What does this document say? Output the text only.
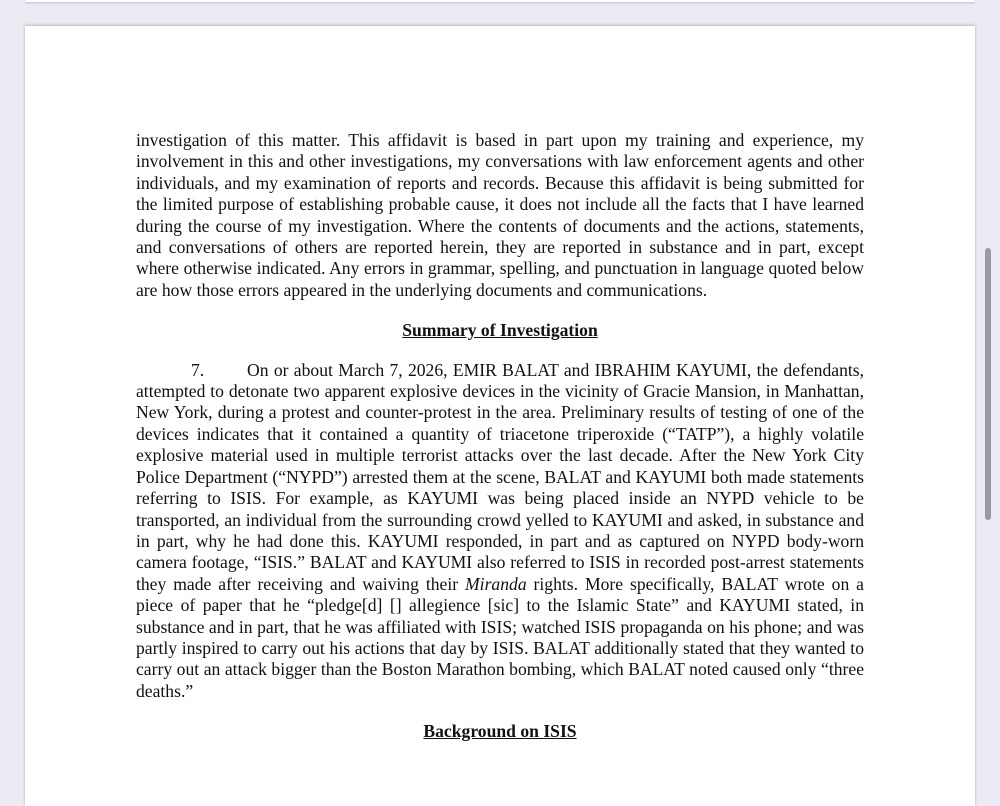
investigation of this matter. This affidavit is based in part upon my training and experience, my involvement in this and other investigations, my conversations with law enforcement agents and other individuals, and my examination of reports and records. Because this affidavit is being submitted for the limited purpose of establishing probable cause, it does not include all the facts that I have learned during the course of my investigation. Where the contents of documents and the actions, statements, and conversations of others are reported herein, they are reported in substance and in part, except where otherwise indicated. Any errors in grammar, spelling, and punctuation in language quoted below are how those errors appeared in the underlying documents and communications.

Summary of Investigation

7. On or about March 7, 2026, EMIR BALAT and IBRAHIM KAYUMI, the defendants, attempted to detonate two apparent explosive devices in the vicinity of Gracie Mansion, in Manhattan, New York, during a protest and counter-protest in the area. Preliminary results of testing of one of the devices indicates that it contained a quantity of triacetone triperoxide (“TATP”), a highly volatile explosive material used in multiple terrorist attacks over the last decade. After the New York City Police Department (“NYPD”) arrested them at the scene, BALAT and KAYUMI both made statements referring to ISIS. For example, as KAYUMI was being placed inside an NYPD vehicle to be transported, an individual from the surrounding crowd yelled to KAYUMI and asked, in substance and in part, why he had done this. KAYUMI responded, in part and as captured on NYPD body-worn camera footage, “ISIS.” BALAT and KAYUMI also referred to ISIS in recorded post-arrest statements they made after receiving and waiving their Miranda rights. More specifically, BALAT wrote on a piece of paper that he “pledge[d] [] allegience [sic] to the Islamic State” and KAYUMI stated, in substance and in part, that he was affiliated with ISIS; watched ISIS propaganda on his phone; and was partly inspired to carry out his actions that day by ISIS. BALAT additionally stated that they wanted to carry out an attack bigger than the Boston Marathon bombing, which BALAT noted caused only “three deaths.”

Background on ISIS
